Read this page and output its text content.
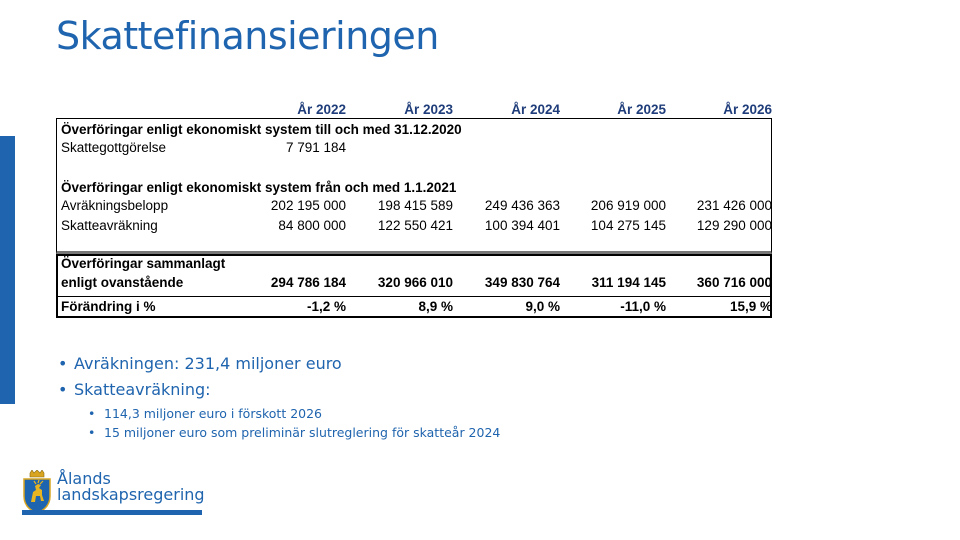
Skattefinansieringen
År 2022	År 2023	År 2024	År 2025	År 2026
Överföringar enligt ekonomiskt system till och med 31.12.2020
Skattegottgörelse	7 791 184
Överföringar enligt ekonomiskt system från och med 1.1.2021
Avräkningsbelopp	202 195 000	198 415 589	249 436 363	206 919 000	231 426 000
Skatteavräkning	84 800 000	122 550 421	100 394 401	104 275 145	129 290 000
Överföringar sammanlagt
enligt ovanstående	294 786 184	320 966 010	349 830 764	311 194 145	360 716 000
Förändring i %	-1,2 %	8,9 %	9,0 %	-11,0 %	15,9 %
• Avräkningen: 231,4 miljoner euro
• Skatteavräkning:
• 114,3 miljoner euro i förskott 2026
• 15 miljoner euro som preliminär slutreglering för skatteår 2024
Ålands
landskapsregering
